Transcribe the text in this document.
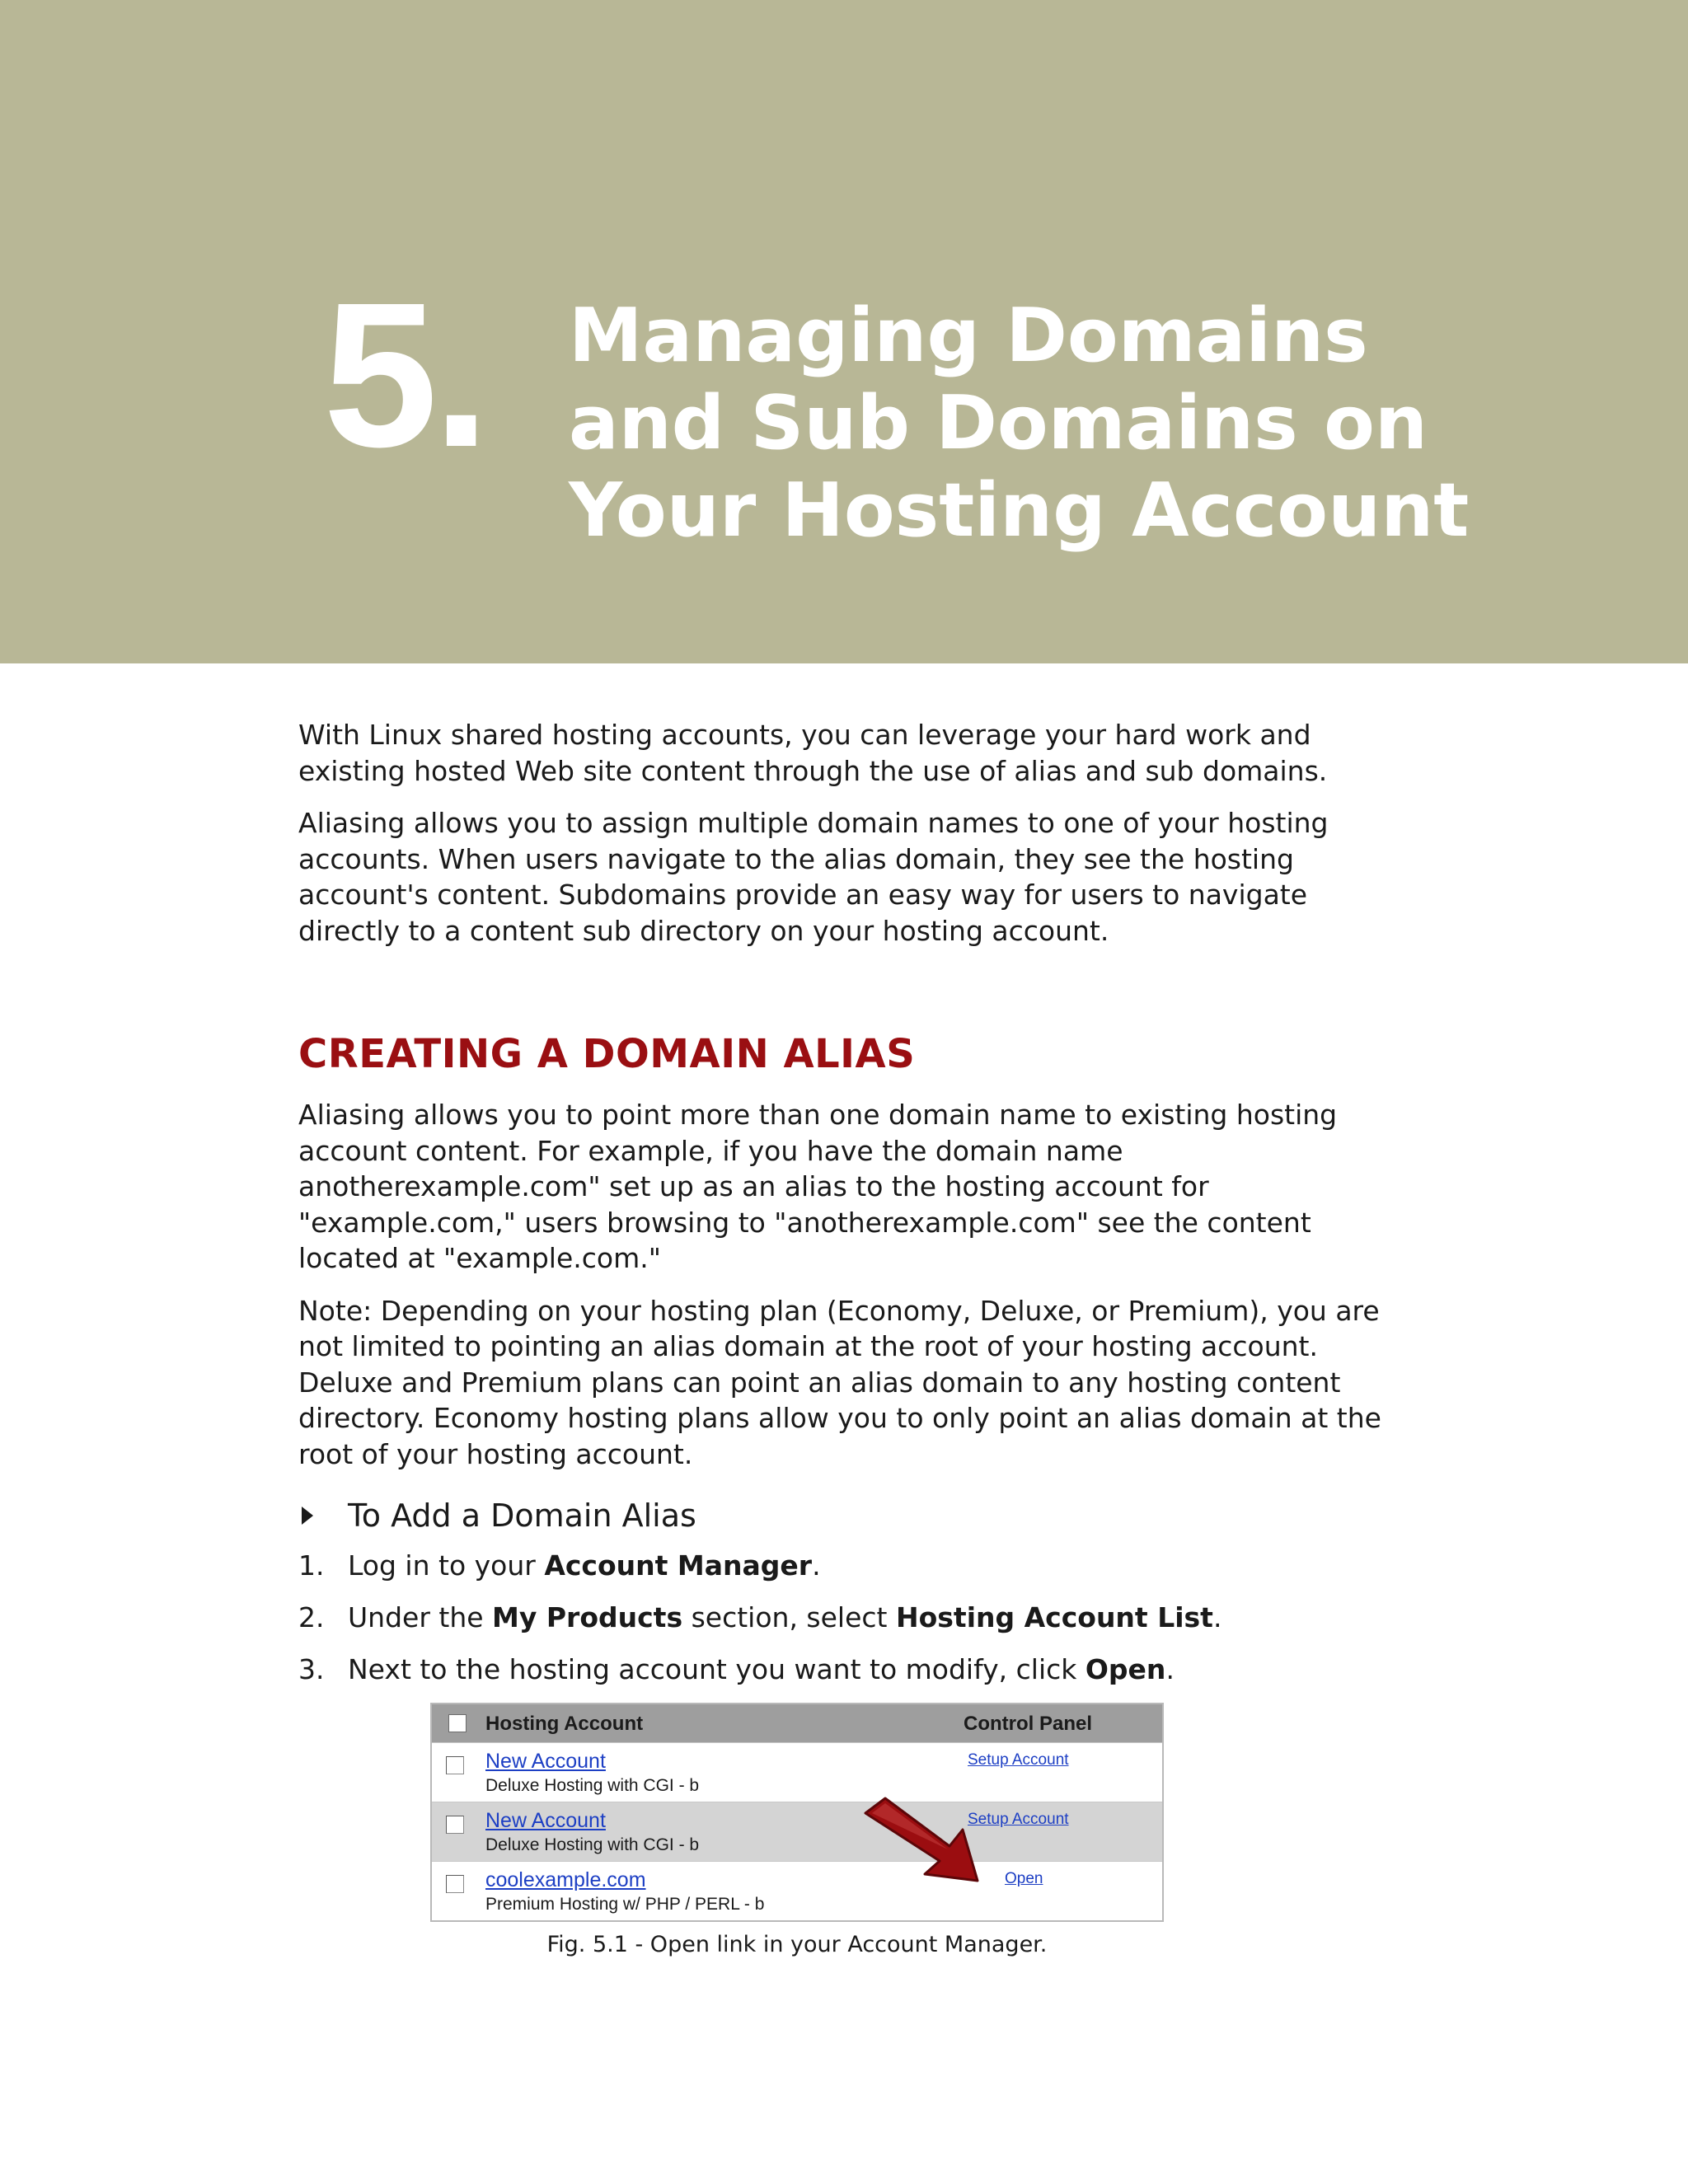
5. Managing Domains
and Sub Domains on
Your Hosting Account

With Linux shared hosting accounts, you can leverage your hard work and existing hosted Web site content through the use of alias and sub domains.

Aliasing allows you to assign multiple domain names to one of your hosting accounts. When users navigate to the alias domain, they see the hosting account's content. Subdomains provide an easy way for users to navigate directly to a content sub directory on your hosting account.

CREATING A DOMAIN ALIAS

Aliasing allows you to point more than one domain name to existing hosting account content. For example, if you have the domain name anotherexample.com" set up as an alias to the hosting account for "example.com," users browsing to "anotherexample.com" see the content located at "example.com."

Note: Depending on your hosting plan (Economy, Deluxe, or Premium), you are not limited to pointing an alias domain at the root of your hosting account. Deluxe and Premium plans can point an alias domain to any hosting content directory. Economy hosting plans allow you to only point an alias domain at the root of your hosting account.

To Add a Domain Alias
1. Log in to your Account Manager.
2. Under the My Products section, select Hosting Account List.
3. Next to the hosting account you want to modify, click Open.
Hosting Account	Control Panel
New Account
Deluxe Hosting with CGI - b
Setup Account
New Account
Deluxe Hosting with CGI - b
Setup Account
coolexample.com
Premium Hosting w/ PHP / PERL - b
Open
Fig. 5.1 - Open link in your Account Manager.
